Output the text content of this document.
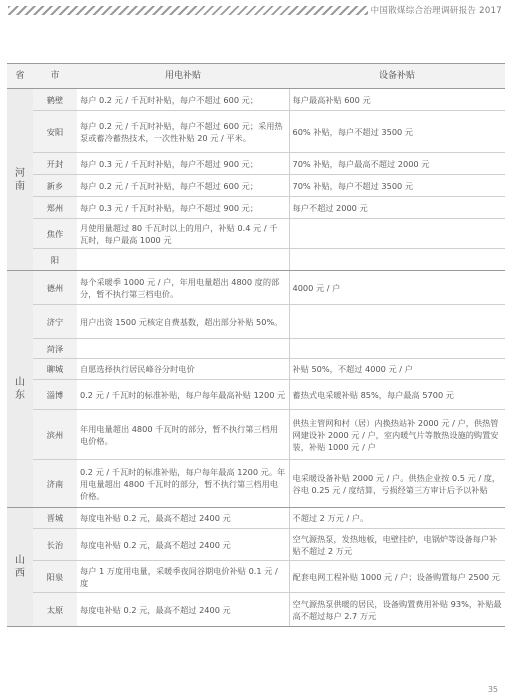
中国散煤综合治理调研报告 2017
省	市	用电补贴	设备补贴

河
南	鹤壁	每户 0.2 元 / 千瓦时补贴，每户不超过 600 元；	每户最高补贴 600 元
	安阳	每户 0.2 元 / 千瓦时补贴，每户不超过 600 元；采用热泵或蓄冷蓄热技术，一次性补贴 20 元 / 平米。	60% 补贴，每户不超过 3500 元
	开封	每户 0.3 元 / 千瓦时补贴，每户不超过 900 元；	70% 补贴，每户最高不超过 2000 元
	新乡	每户 0.2 元 / 千瓦时补贴，每户不超过 600 元；	70% 补贴，每户不超过 3500 元
	郑州	每户 0.3 元 / 千瓦时补贴，每户不超过 900 元；	每户不超过 2000 元
	焦作	月使用量超过 80 千瓦时以上的用户，补贴 0.4 元 / 千瓦时，每户最高 1000 元	
	阳		

山
东	德州	每个采暖季 1000 元 / 户，年用电量超出 4800 度的部分，暂不执行第三档电价。	4000 元 / 户
	济宁	用户出资 1500 元核定自费基数，超出部分补贴 50%。	
	菏泽		
	聊城	自愿选择执行居民峰谷分时电价	补贴 50%，不超过 4000 元 / 户
	淄博	0.2 元 / 千瓦时的标准补贴，每户每年最高补贴 1200 元	蓄热式电采暖补贴 85%，每户最高 5700 元
	滨州	年用电量超出 4800 千瓦时的部分，暂不执行第三档用电价格。	供热主管网和村（居）内换热站补 2000 元 / 户，供热管网建设补 2000 元 / 户，室内暖气片等散热设施的购置安装，补贴 1000 元 / 户
	济南	0.2 元 / 千瓦时的标准补贴，每户每年最高 1200 元。年用电量超出 4800 千瓦时的部分，暂不执行第三档用电价格。	电采暖设备补贴 2000 元 / 户。供热企业按 0.5 元 / 度，谷电 0.25 元 / 度结算，亏损经第三方审计后予以补贴

山
西	晋城	每度电补贴 0.2 元，最高不超过 2400 元	不超过 2 万元 / 户。
	长治	每度电补贴 0.2 元，最高不超过 2400 元	空气源热泵，发热地板，电壁挂炉，电锅炉等设备每户补贴不超过 2 万元
	阳泉	每户 1 万度用电量，采暖季夜间谷期电价补贴 0.1 元 / 度	配套电网工程补贴 1000 元 / 户；设备购置每户 2500 元
	太原	每度电补贴 0.2 元，最高不超过 2400 元	空气源热泵供暖的居民，设备购置费用补贴 93%，补贴最高不超过每户 2.7 万元
35
